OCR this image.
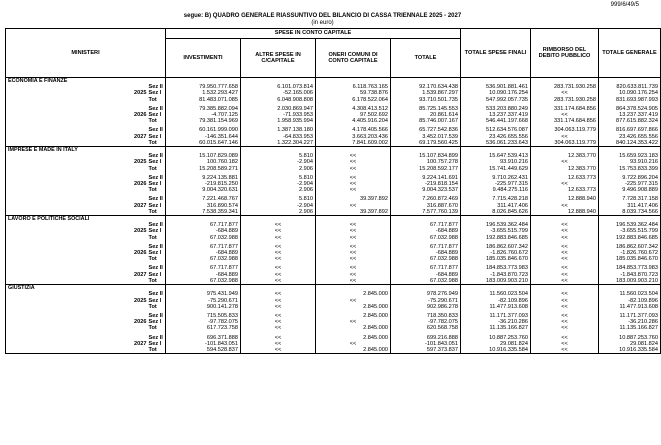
999/6/49/5
segue: B) QUADRO GENERALE RIASSUNTIVO DEL BILANCIO DI CASSA TRIENNALE 2025 - 2027
(in euro)
MINISTERI			SPESE IN CONTO CAPITALE				TOTALE SPESE FINALI	RIMBORSO DEL DEBITO PUBBLICO	TOTALE GENERALE
			INVESTIMENTI	ALTRE SPESE IN C/CAPITALE	ONERI COMUNI DI CONTO CAPITALE	TOTALE			
ECONOMIA E FINANZE									
		Sez II	79.950.777.658	6.101.073.814	6.118.763.165	92.170.634.438	536.901.881.461	283.731.930.258	820.633.811.739
	2025	Sez I	1.532.293.427	-52.165.006	59.738.876	1.539.867.297	10.090.176.254	<<	10.090.176.254
		Tot	81.483.071.085	6.048.908.808	6.178.522.064	93.710.501.735	547.992.057.735	283.731.930.258	831.693.987.993

		Sez II	79.385.882.094	2.030.869.947	4.308.413.512	85.725.145.553	533.203.880.249	331.174.684.856	864.378.524.905
	2026	Sez I	-4.707.125	-71.933.953	97.502.692	20.861.614	13.237.337.419	<<	13.237.337.419
		Tot	79.381.154.969	1.958.935.994	4.405.916.204	85.746.007.167	546.441.197.668	331.174.684.856	877.615.882.324

		Sez II	60.161.999.090	1.387.138.180	4.178.405.566	65.727.542.836	512.634.576.087	304.063.119.779	816.697.697.866
	2027	Sez I	-146.351.644	-64.833.953	3.663.203.436	3.452.017.539	23.426.655.556	<<	23.426.655.556
		Tot	60.015.647.146	1.322.304.227	7.841.609.002	69.179.560.425	536.061.233.643	304.063.119.779	840.124.353.422
IMPRESE E MADE IN ITALY									
		Sez II	15.107.829.089	5.810	<<	15.107.834.899	15.647.539.413	12.383.770	15.659.923.183
	2025	Sez I	100.760.182	-2.904	<<	100.757.278	93.910.216	<<	93.910.216
		Tot	15.208.589.271	2.906	<<	15.208.592.177	15.741.449.629	12.383.770	15.753.833.399

		Sez II	9.224.135.881	5.810	<<	9.224.141.691	9.710.262.431	12.633.773	9.722.896.204
	2026	Sez I	-219.815.250	-2.904	<<	-219.818.154	-225.977.315	<<	-225.977.315
		Tot	9.004.320.631	2.906	<<	9.004.323.537	9.484.275.116	12.633.773	9.496.908.889

		Sez II	7.221.468.767	5.810	39.397.892	7.260.872.469	7.715.428.218	12.888.940	7.728.317.158
	2027	Sez I	316.890.574	-2.904	<<	316.887.670	311.417.406	<<	311.417.406
		Tot	7.538.359.341	2.906	39.397.892	7.577.760.139	8.026.845.626	12.888.940	8.039.734.566
LAVORO E POLITICHE SOCIALI									
		Sez II	67.717.877	<<	<<	67.717.877	196.539.362.484	<<	196.539.362.484
	2025	Sez I	-684.889	<<	<<	-684.889	-3.655.515.799	<<	-3.655.515.799
		Tot	67.032.988	<<	<<	67.032.988	192.883.846.685	<<	192.883.846.685

		Sez II	67.717.877	<<	<<	67.717.877	186.862.607.342	<<	186.862.607.342
	2026	Sez I	-684.889	<<	<<	-684.889	-1.826.760.672	<<	-1.826.760.672
		Tot	67.032.988	<<	<<	67.032.988	185.035.846.670	<<	185.035.846.670

		Sez II	67.717.877	<<	<<	67.717.877	184.853.773.983	<<	184.853.773.983
	2027	Sez I	-684.889	<<	<<	-684.889	-1.843.870.723	<<	-1.843.870.723
		Tot	67.032.988	<<	<<	67.032.988	183.009.903.210	<<	183.009.903.210
GIUSTIZIA									
		Sez II	975.431.949	<<	2.845.000	978.276.949	11.560.023.504	<<	11.560.023.504
	2025	Sez I	-75.290.671	<<	<<	-75.290.671	-82.109.896	<<	-82.109.896
		Tot	900.141.278	<<	2.845.000	902.986.278	11.477.913.608	<<	11.477.913.608

		Sez II	715.505.833	<<	2.845.000	718.350.833	11.171.377.093	<<	11.171.377.093
	2026	Sez I	-97.782.075	<<	<<	-97.782.075	-36.210.286	<<	-36.210.286
		Tot	617.723.758	<<	2.845.000	620.568.758	11.135.166.827	<<	11.135.166.827

		Sez II	696.371.888	<<	2.845.000	699.216.888	10.887.253.760	<<	10.887.253.760
	2027	Sez I	-101.843.051	<<	<<	-101.843.051	29.081.824	<<	29.081.824
		Tot	594.528.837	<<	2.845.000	597.373.837	10.916.335.584	<<	10.916.335.584
